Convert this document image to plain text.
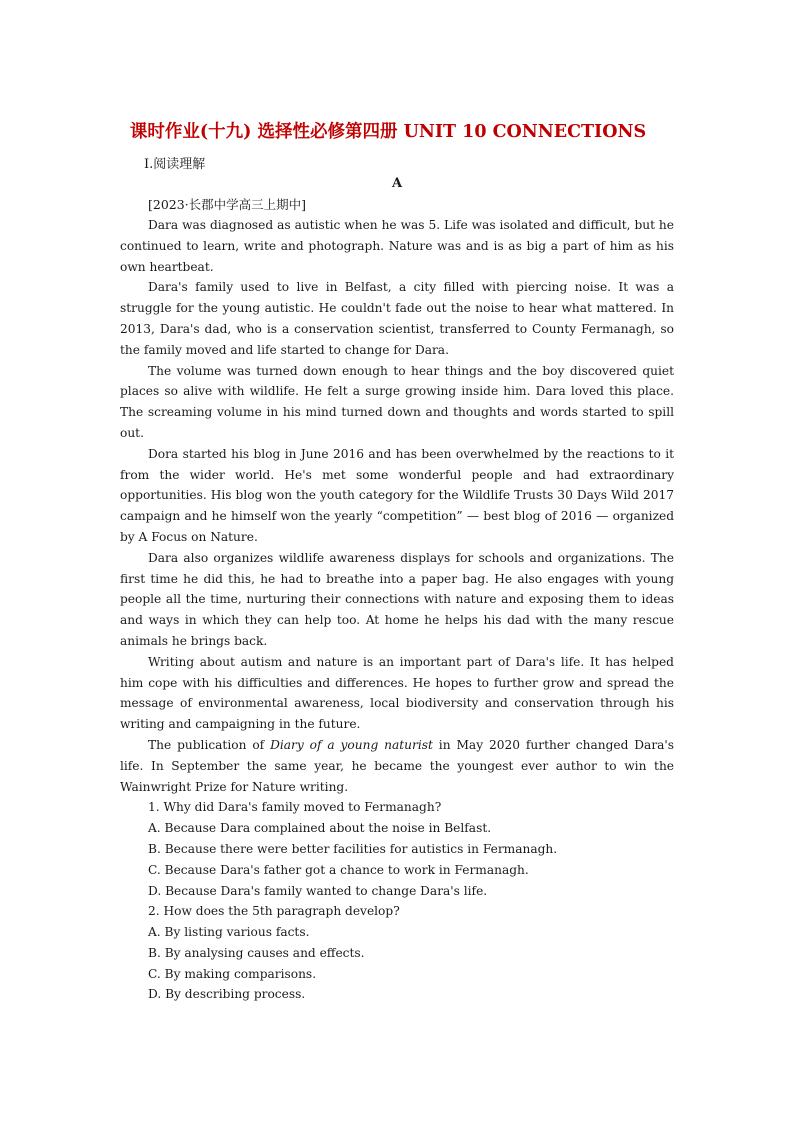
课时作业(十九) 选择性必修第四册 UNIT 10 CONNECTIONS
Ⅰ.阅读理解
A
[2023·长郡中学高三上期中]

Dara was diagnosed as autistic when he was 5. Life was isolated and difficult, but he continued to learn, write and photograph. Nature was and is as big a part of him as his own heartbeat.

Dara's family used to live in Belfast, a city filled with piercing noise. It was a struggle for the young autistic. He couldn't fade out the noise to hear what mattered. In 2013, Dara's dad, who is a conservation scientist, transferred to County Fermanagh, so the family moved and life started to change for Dara.

The volume was turned down enough to hear things and the boy discovered quiet places so alive with wildlife. He felt a surge growing inside him. Dara loved this place. The screaming volume in his mind turned down and thoughts and words started to spill out.

Dora started his blog in June 2016 and has been overwhelmed by the reactions to it from the wider world. He's met some wonderful people and had extraordinary opportunities. His blog won the youth category for the Wildlife Trusts 30 Days Wild 2017 campaign and he himself won the yearly “competition” — best blog of 2016 — organized by A Focus on Nature.

Dara also organizes wildlife awareness displays for schools and organizations. The first time he did this, he had to breathe into a paper bag. He also engages with young people all the time, nurturing their connections with nature and exposing them to ideas and ways in which they can help too. At home he helps his dad with the many rescue animals he brings back.

Writing about autism and nature is an important part of Dara's life. It has helped him cope with his difficulties and differences. He hopes to further grow and spread the message of environmental awareness, local biodiversity and conservation through his writing and campaigning in the future.

The publication of Diary of a young naturist in May 2020 further changed Dara's life. In September the same year, he became the youngest ever author to win the Wainwright Prize for Nature writing.

1. Why did Dara's family moved to Fermanagh?
A. Because Dara complained about the noise in Belfast.
B. Because there were better facilities for autistics in Fermanagh.
C. Because Dara's father got a chance to work in Fermanagh.
D. Because Dara's family wanted to change Dara's life.
2. How does the 5th paragraph develop?
A. By listing various facts.
B. By analysing causes and effects.
C. By making comparisons.
D. By describing process.
